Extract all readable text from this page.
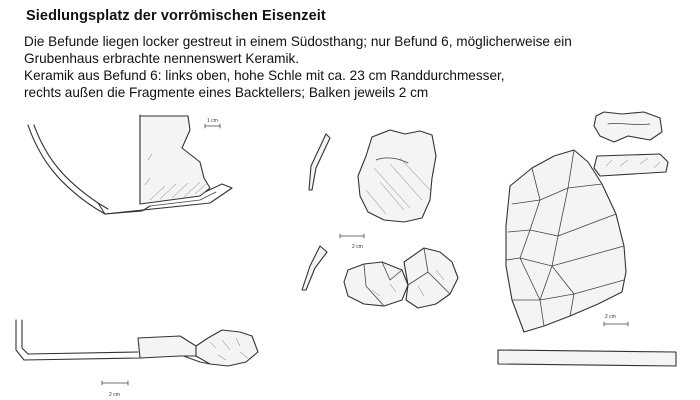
Siedlungsplatz der vorrömischen Eisenzeit
Die Befunde liegen locker gestreut in einem Südosthang; nur Befund 6, möglicherweise ein
Grubenhaus erbrachte nennenswert Keramik.
Keramik aus Befund 6: links oben, hohe Schle mit ca. 23 cm Randdurchmesser,
rechts außen die Fragmente eines Backtellers; Balken jeweils 2 cm
1 cm
2 cm
2 cm
2 cm
